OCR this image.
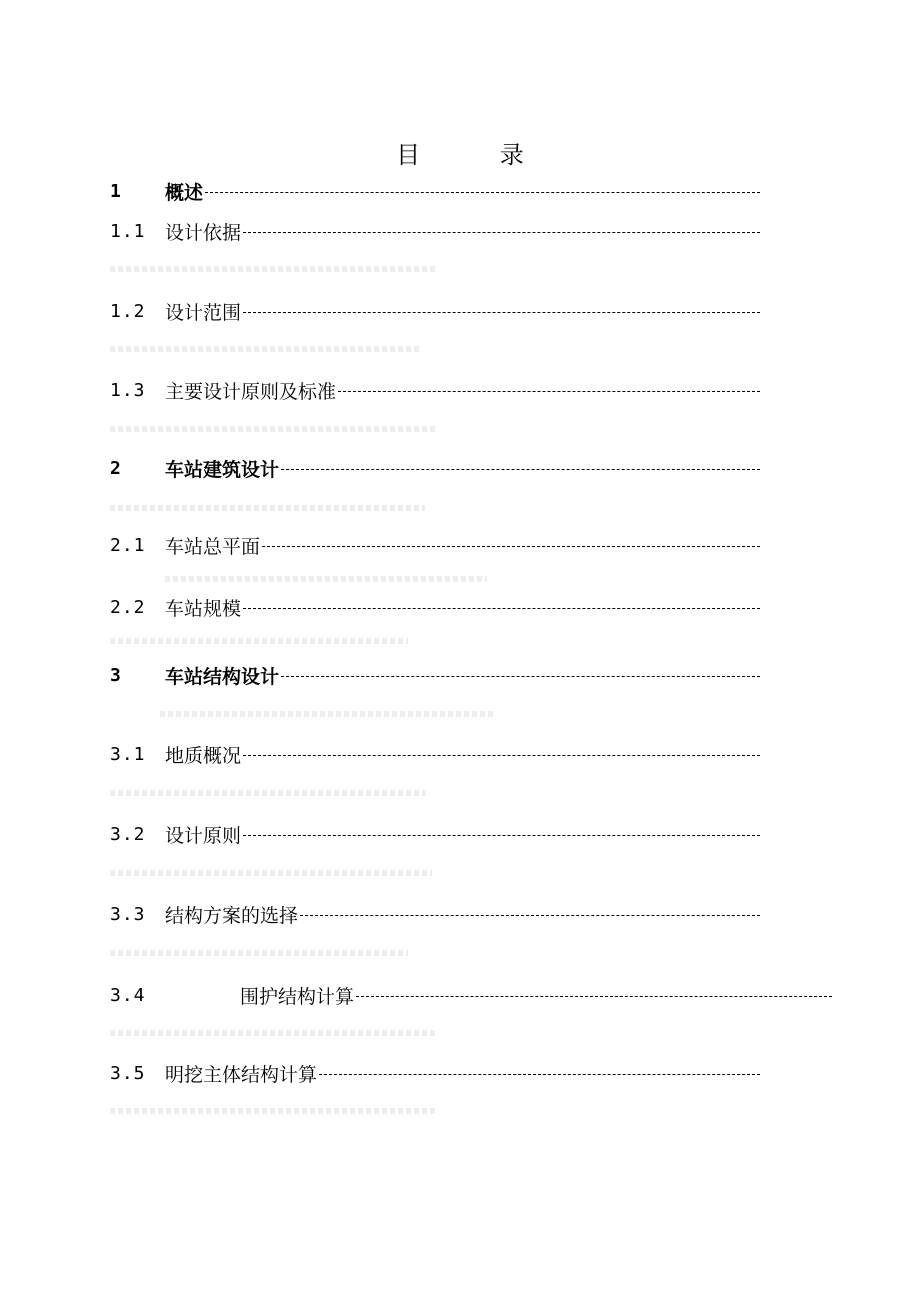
目 录
1	概述
1.1	设计依据
1.2	设计范围
1.3	主要设计原则及标准
2	车站建筑设计
2.1	车站总平面
2.2	车站规模
3	车站结构设计
3.1	地质概况
3.2	设计原则
3.3	结构方案的选择
3.4	围护结构计算
3.5	明挖主体结构计算
